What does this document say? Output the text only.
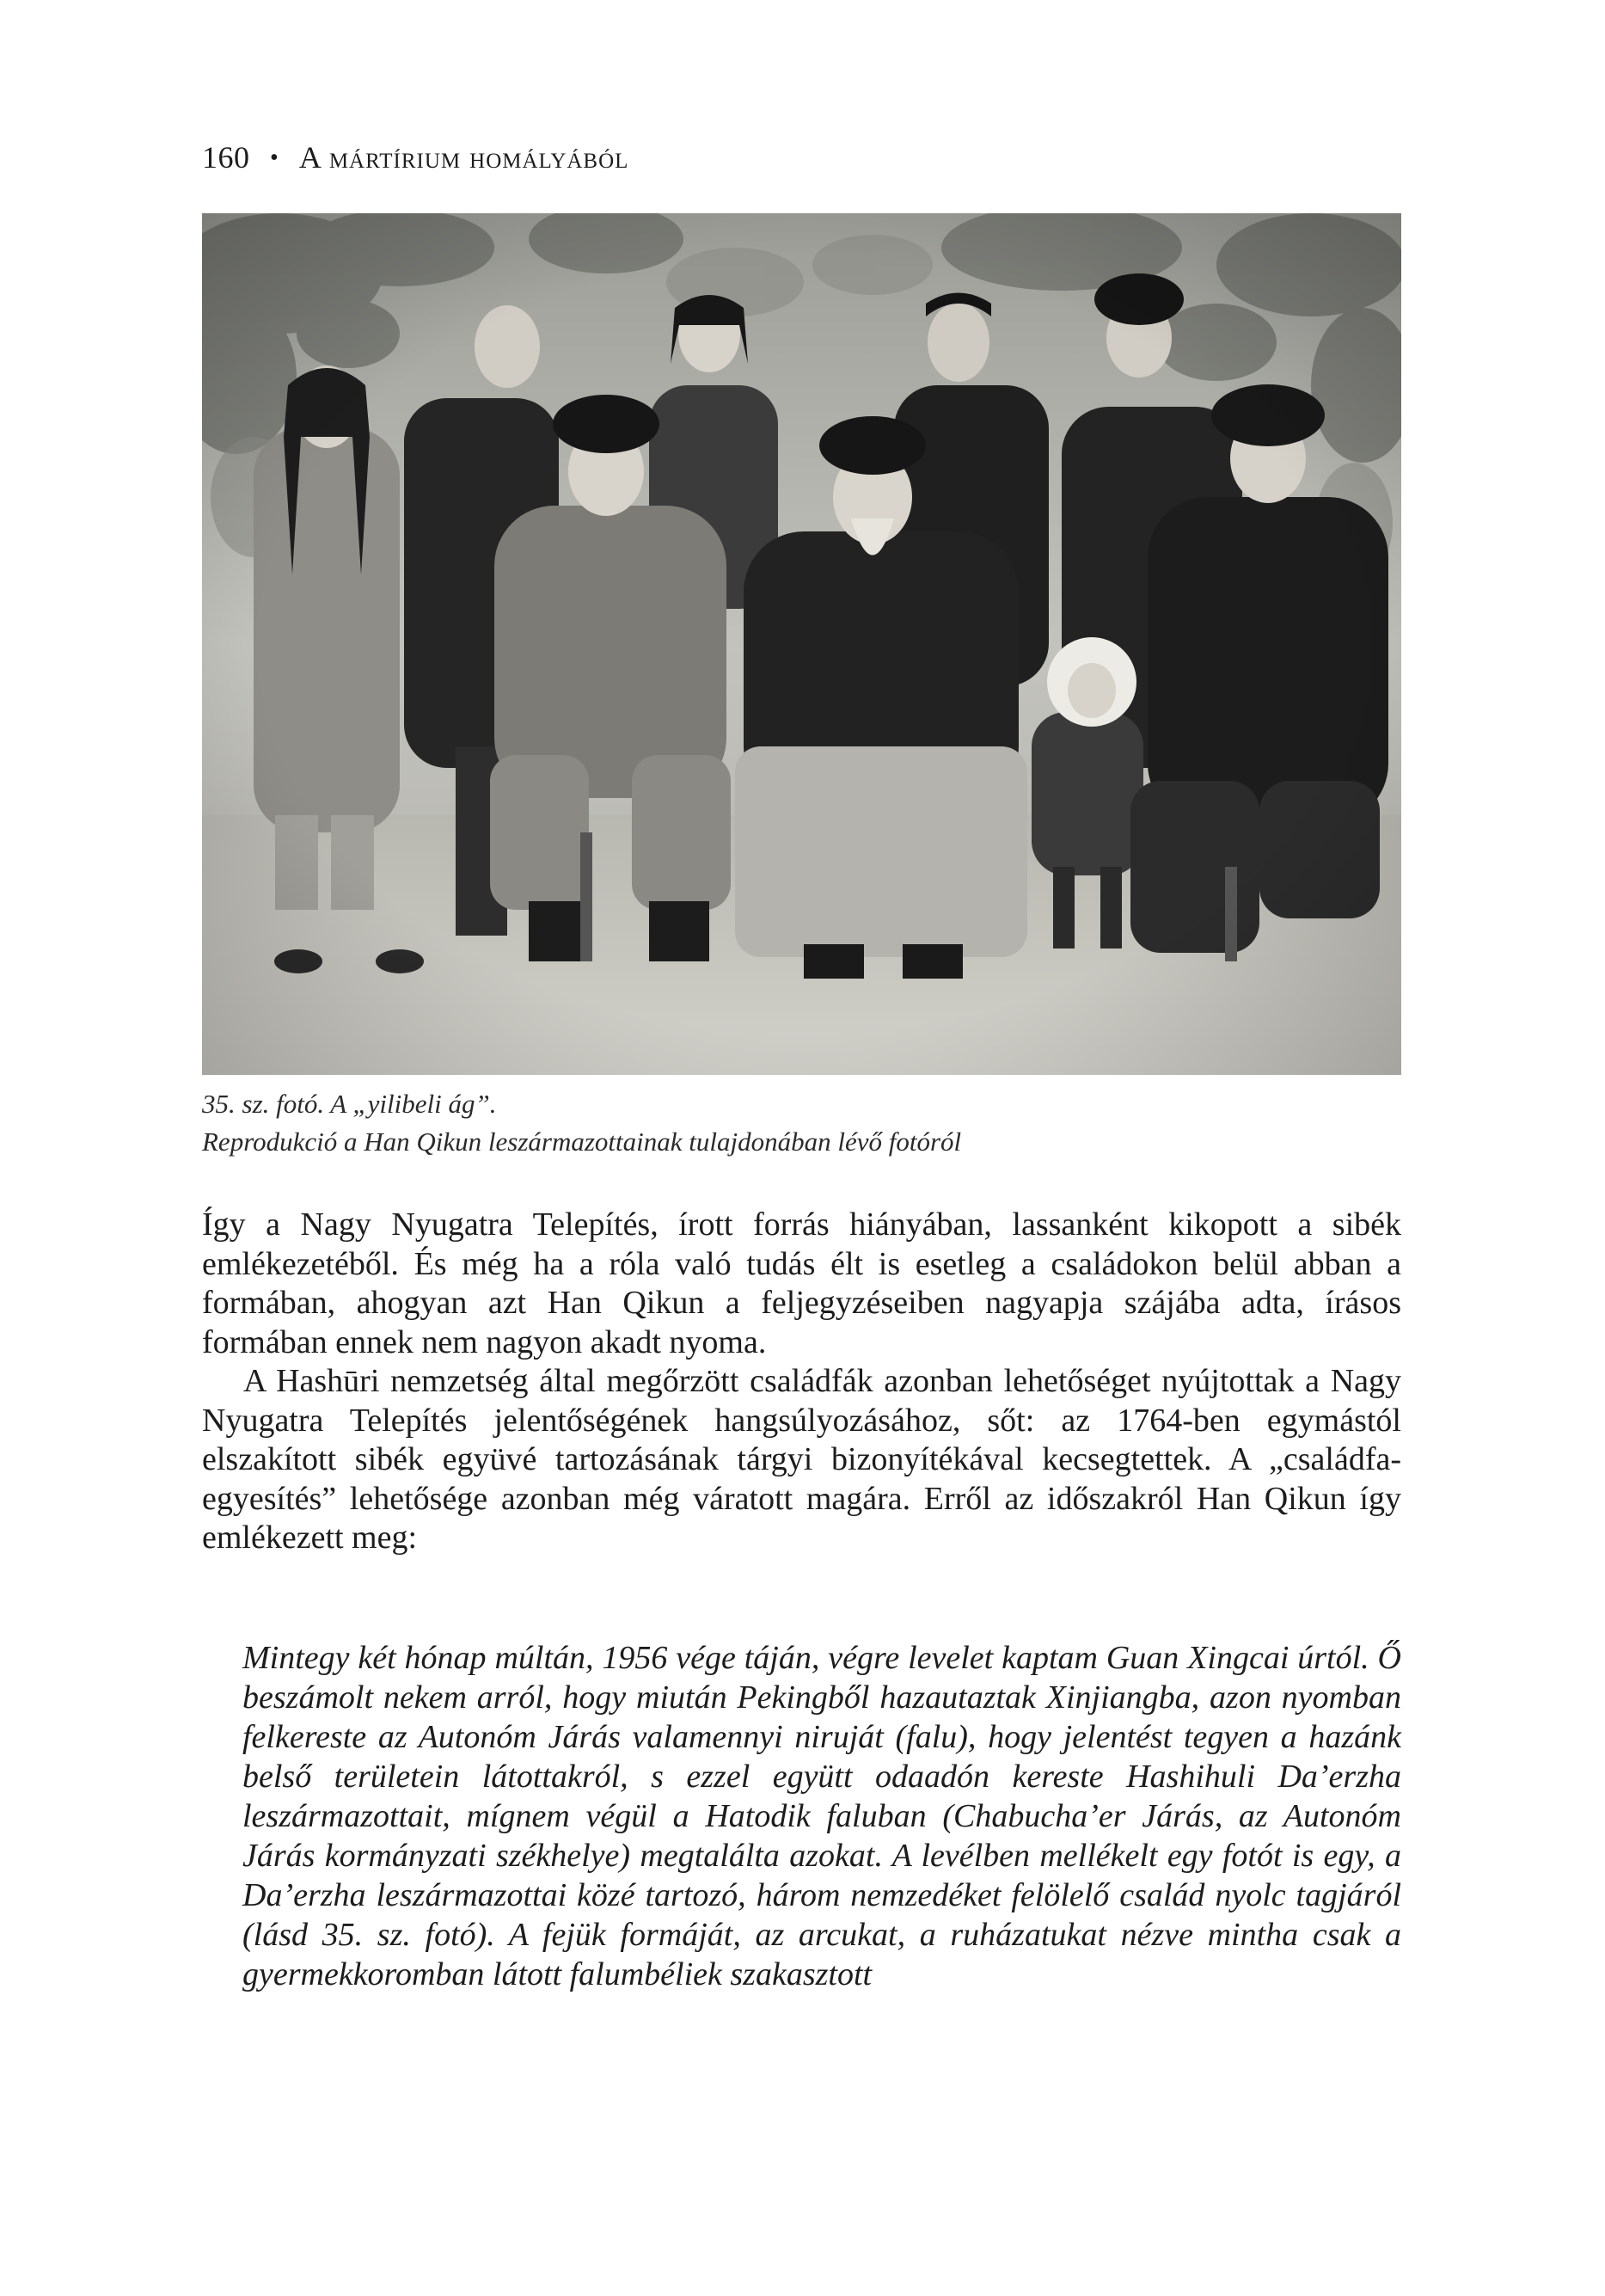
160 • A mártírium homályából
35. sz. fotó. A „yilibeli ág”.
Reprodukció a Han Qikun leszármazottainak tulajdonában lévő fotóról

Így a Nagy Nyugatra Telepítés, írott forrás hiányában, lassanként kikopott a sibék emlékezetéből. És még ha a róla való tudás élt is esetleg a családokon belül abban a formában, ahogyan azt Han Qikun a feljegyzéseiben nagyapja szájába adta, írásos formában ennek nem nagyon akadt nyoma.

A Hashūri nemzetség által megőrzött családfák azonban lehetőséget nyújtottak a Nagy Nyugatra Telepítés jelentőségének hangsúlyozásához, sőt: az 1764-ben egymástól elszakított sibék együvé tartozásának tárgyi bizonyítékával kecsegtettek. A „családfa-egyesítés” lehetősége azonban még váratott magára. Erről az időszakról Han Qikun így emlékezett meg:

Mintegy két hónap múltán, 1956 vége táján, végre levelet kaptam Guan Xingcai úrtól. Ő beszámolt nekem arról, hogy miután Pekingből hazautaztak Xinjiangba, azon nyomban felkereste az Autonóm Járás valamennyi niruját (falu), hogy jelentést tegyen a hazánk belső területein látottakról, s ezzel együtt odaadón kereste Hashihuli Da’erzha leszármazottait, mígnem végül a Hatodik faluban (Chabucha’er Járás, az Autonóm Járás kormányzati székhelye) megtalálta azokat. A levélben mellékelt egy fotót is egy, a Da’erzha leszármazottai közé tartozó, három nemzedéket felölelő család nyolc tagjáról (lásd 35. sz. fotó). A fejük formáját, az arcukat, a ruházatukat nézve mintha csak a gyermekkoromban látott falumbéliek szakasztott
